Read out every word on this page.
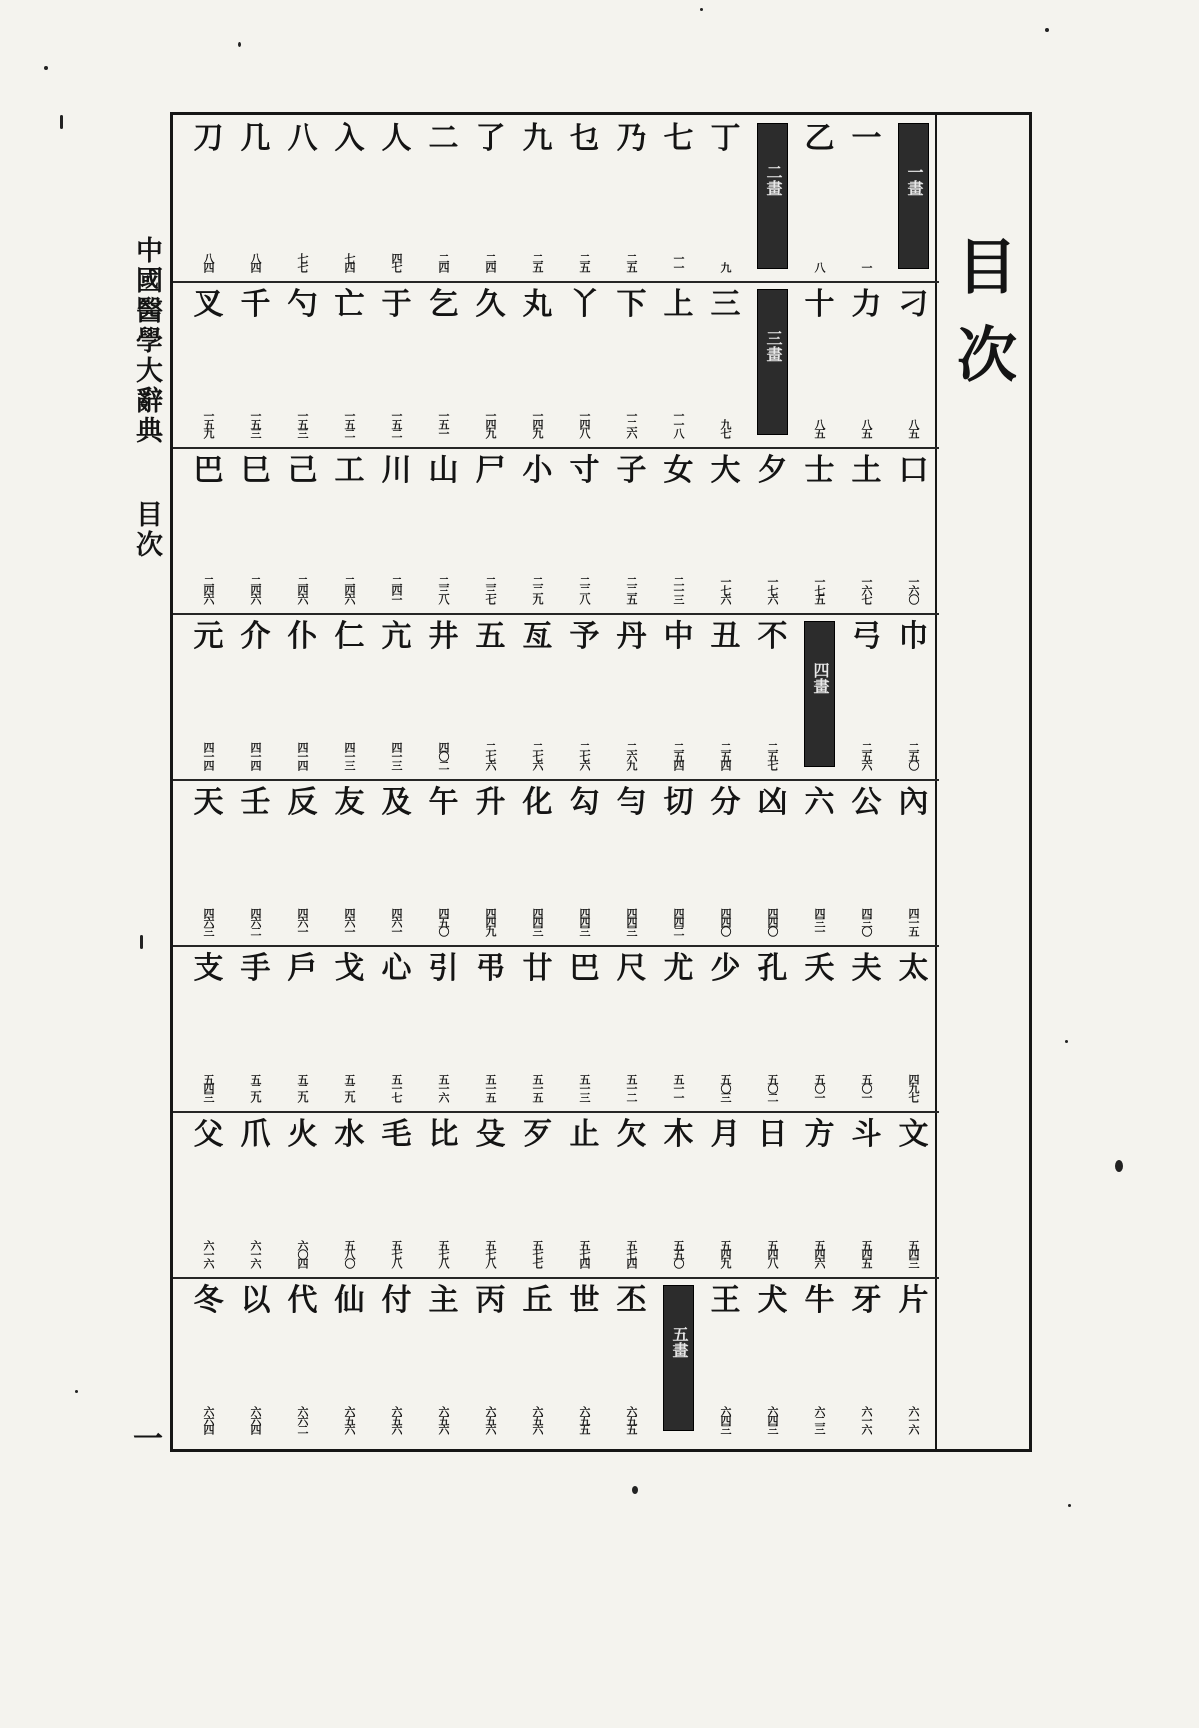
中國醫學大辭典
目次
一
目次
一畫
一
一
乙
八
二畫
丁
九
七
一一
乃
二五
乜
二五
九
二五
了
二四
二
二四
人
四七
入
七四
八
七七
几
八四
刀
八四
刁
八五
力
八五
十
八五
三畫
三
九七
上
一一八
下
一二六
丫
一四八
丸
一四九
久
一四九
乞
一五一
于
一五二
亡
一五二
勺
一五三
千
一五三
叉
一五九
口
一六〇
土
一六七
士
一七五
夕
一七六
大
一七六
女
二一三
子
二二五
寸
二二八
小
二二九
尸
二三七
山
二三八
川
二四一
工
二四六
己
二四六
巳
二四六
巴
二四六
巾
二五〇
弓
二五六
四畫
不
二五七
丑
二五四
中
二五四
丹
二六九
予
二七六
亙
二七六
五
二七六
井
四〇二
亢
四一三
仁
四一三
仆
四一四
介
四一四
元
四一四
內
四一五
公
四三〇
六
四三一
凶
四四〇
分
四四〇
切
四四二
勻
四四三
勾
四四三
化
四四三
升
四四九
午
四五〇
及
四六一
友
四六一
反
四六一
壬
四六二
天
四六三
太
四九七
夫
五〇一
夭
五〇一
孔
五〇二
少
五〇三
尤
五一一
尺
五一二
巴
五一三
廿
五一五
弔
五一五
引
五一六
心
五一七
戈
五二九
戶
五二九
手
五二九
支
五四三
文
五四三
斗
五四五
方
五四六
日
五四八
月
五四九
木
五五〇
欠
五七四
止
五七四
歹
五七七
殳
五七八
比
五七八
毛
五七八
水
五八〇
火
六〇四
爪
六一六
父
六一六
片
六一六
牙
六一六
牛
六二三
犬
六四三
王
六四三
五畫
丕
六五五
世
六五五
丘
六五六
丙
六五六
主
六五六
付
六五六
仙
六五六
代
六六二
以
六六四
冬
六六四
